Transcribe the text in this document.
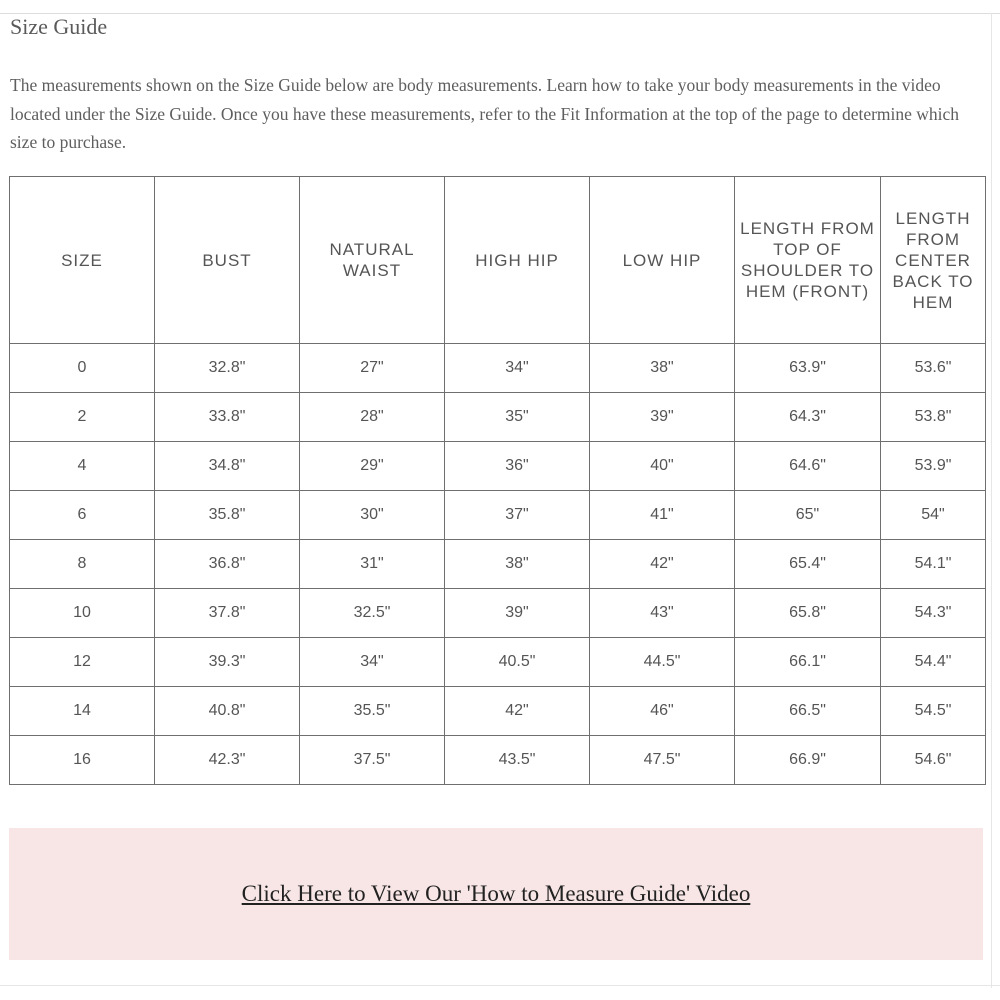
Size Guide

The measurements shown on the Size Guide below are body measurements. Learn how to take your body measurements in the video located under the Size Guide. Once you have these measurements, refer to the Fit Information at the top of the page to determine which size to purchase.

SIZE	BUST	NATURAL WAIST	HIGH HIP	LOW HIP	LENGTH FROM TOP OF SHOULDER TO HEM (FRONT)	LENGTH FROM CENTER BACK TO HEM
0	32.8"	27"	34"	38"	63.9"	53.6"
2	33.8"	28"	35"	39"	64.3"	53.8"
4	34.8"	29"	36"	40"	64.6"	53.9"
6	35.8"	30"	37"	41"	65"	54"
8	36.8"	31"	38"	42"	65.4"	54.1"
10	37.8"	32.5"	39"	43"	65.8"	54.3"
12	39.3"	34"	40.5"	44.5"	66.1"	54.4"
14	40.8"	35.5"	42"	46"	66.5"	54.5"
16	42.3"	37.5"	43.5"	47.5"	66.9"	54.6"
Click Here to View Our 'How to Measure Guide' Video
